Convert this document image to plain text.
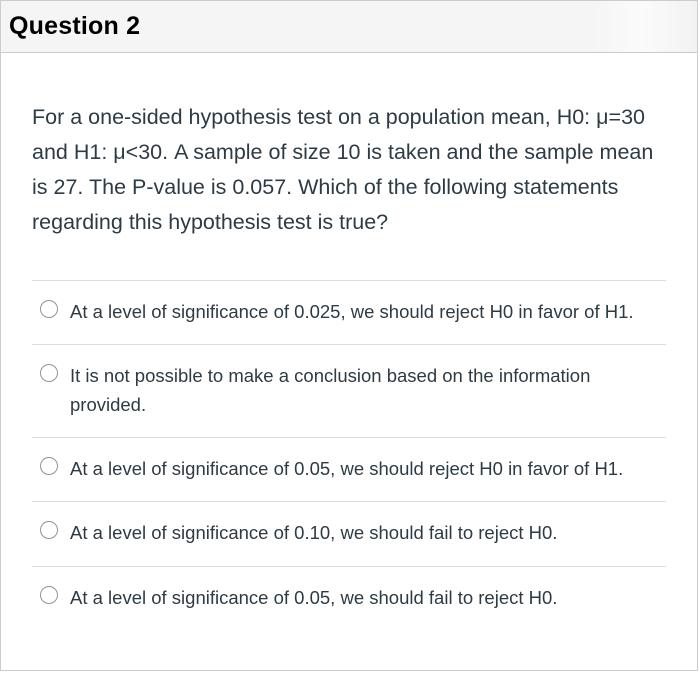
Question 2
For a one-sided hypothesis test on a population mean, H0: μ=30 and H1: μ<30. A sample of size 10 is taken and the sample mean is 27. The P-value is 0.057. Which of the following statements regarding this hypothesis test is true?
At a level of significance of 0.025, we should reject H0 in favor of H1.
It is not possible to make a conclusion based on the information provided.
At a level of significance of 0.05, we should reject H0 in favor of H1.
At a level of significance of 0.10, we should fail to reject H0.
At a level of significance of 0.05, we should fail to reject H0.
